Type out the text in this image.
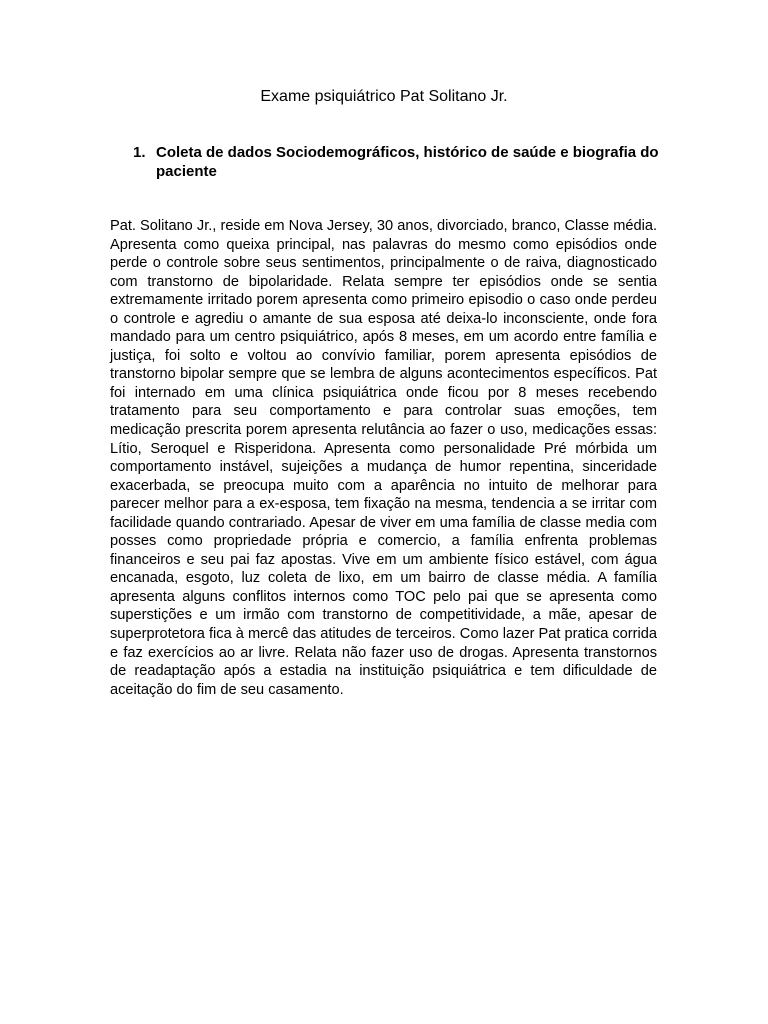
Exame psiquiátrico Pat Solitano Jr.
1. Coleta de dados Sociodemográficos, histórico de saúde e biografia do paciente

Pat. Solitano Jr., reside em Nova Jersey, 30 anos, divorciado, branco, Classe média. Apresenta como queixa principal, nas palavras do mesmo como episódios onde perde o controle sobre seus sentimentos, principalmente o de raiva, diagnosticado com transtorno de bipolaridade. Relata sempre ter episódios onde se sentia extremamente irritado porem apresenta como primeiro episodio o caso onde perdeu o controle e agrediu o amante de sua esposa até deixa-lo inconsciente, onde fora mandado para um centro psiquiátrico, após 8 meses, em um acordo entre família e justiça, foi solto e voltou ao convívio familiar, porem apresenta episódios de transtorno bipolar sempre que se lembra de alguns acontecimentos específicos. Pat foi internado em uma clínica psiquiátrica onde ficou por 8 meses recebendo tratamento para seu comportamento e para controlar suas emoções, tem medicação prescrita porem apresenta relutância ao fazer o uso, medicações essas: Lítio, Seroquel e Risperidona. Apresenta como personalidade Pré mórbida um comportamento instável, sujeições a mudança de humor repentina, sinceridade exacerbada, se preocupa muito com a aparência no intuito de melhorar para parecer melhor para a ex-esposa, tem fixação na mesma, tendencia a se irritar com facilidade quando contrariado. Apesar de viver em uma família de classe media com posses como propriedade própria e comercio, a família enfrenta problemas financeiros e seu pai faz apostas. Vive em um ambiente físico estável, com água encanada, esgoto, luz coleta de lixo, em um bairro de classe média. A família apresenta alguns conflitos internos como TOC pelo pai que se apresenta como superstições e um irmão com transtorno de competitividade, a mãe, apesar de superprotetora fica à mercê das atitudes de terceiros. Como lazer Pat pratica corrida e faz exercícios ao ar livre. Relata não fazer uso de drogas. Apresenta transtornos de readaptação após a estadia na instituição psiquiátrica e tem dificuldade de aceitação do fim de seu casamento.
